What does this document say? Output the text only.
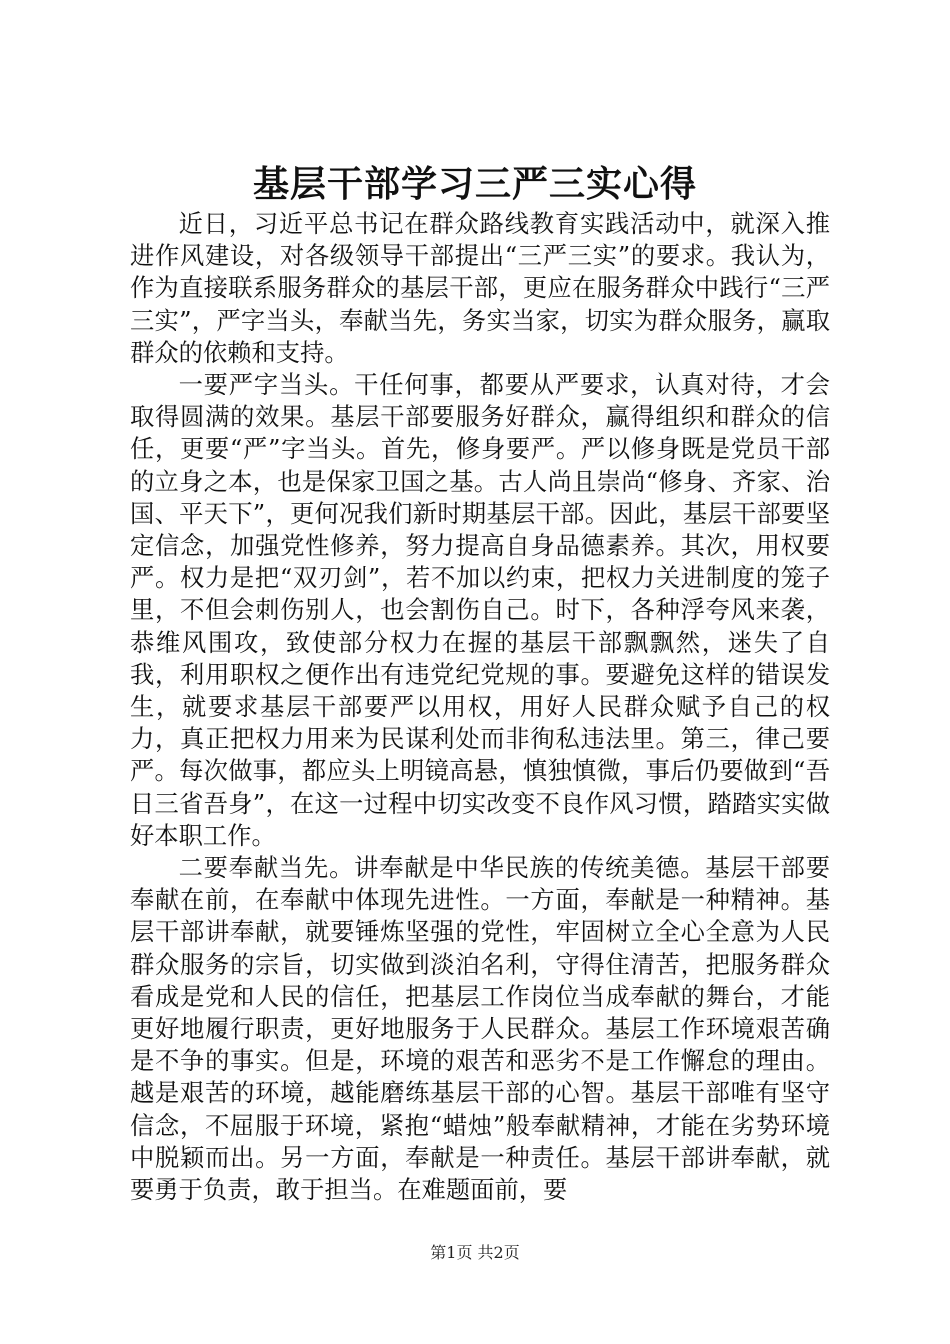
基层干部学习三严三实心得

近日，习近平总书记在群众路线教育实践活动中，就深入推进作风建设，对各级领导干部提出“三严三实”的要求。我认为，作为直接联系服务群众的基层干部，更应在服务群众中践行“三严三实”，严字当头，奉献当先，务实当家，切实为群众服务，赢取群众的依赖和支持。

一要严字当头。干任何事，都要从严要求，认真对待，才会取得圆满的效果。基层干部要服务好群众，赢得组织和群众的信任，更要“严”字当头。首先，修身要严。严以修身既是党员干部的立身之本，也是保家卫国之基。古人尚且崇尚“修身、齐家、治国、平天下”，更何况我们新时期基层干部。因此，基层干部要坚定信念，加强党性修养，努力提高自身品德素养。其次，用权要严。权力是把“双刃剑”，若不加以约束，把权力关进制度的笼子里，不但会刺伤别人，也会割伤自己。时下，各种浮夸风来袭，恭维风围攻，致使部分权力在握的基层干部飘飘然，迷失了自我，利用职权之便作出有违党纪党规的事。要避免这样的错误发生，就要求基层干部要严以用权，用好人民群众赋予自己的权力，真正把权力用来为民谋利处而非徇私违法里。第三，律己要严。每次做事，都应头上明镜高悬，慎独慎微，事后仍要做到“吾日三省吾身”，在这一过程中切实改变不良作风习惯，踏踏实实做好本职工作。

二要奉献当先。讲奉献是中华民族的传统美德。基层干部要奉献在前，在奉献中体现先进性。一方面，奉献是一种精神。基层干部讲奉献，就要锤炼坚强的党性，牢固树立全心全意为人民群众服务的宗旨，切实做到淡泊名利，守得住清苦，把服务群众看成是党和人民的信任，把基层工作岗位当成奉献的舞台，才能更好地履行职责，更好地服务于人民群众。基层工作环境艰苦确是不争的事实。但是，环境的艰苦和恶劣不是工作懈怠的理由。越是艰苦的环境，越能磨练基层干部的心智。基层干部唯有坚守信念，不屈服于环境，紧抱“蜡烛”般奉献精神，才能在劣势环境中脱颖而出。另一方面，奉献是一种责任。基层干部讲奉献，就要勇于负责，敢于担当。在难题面前，要

第1页 共2页
